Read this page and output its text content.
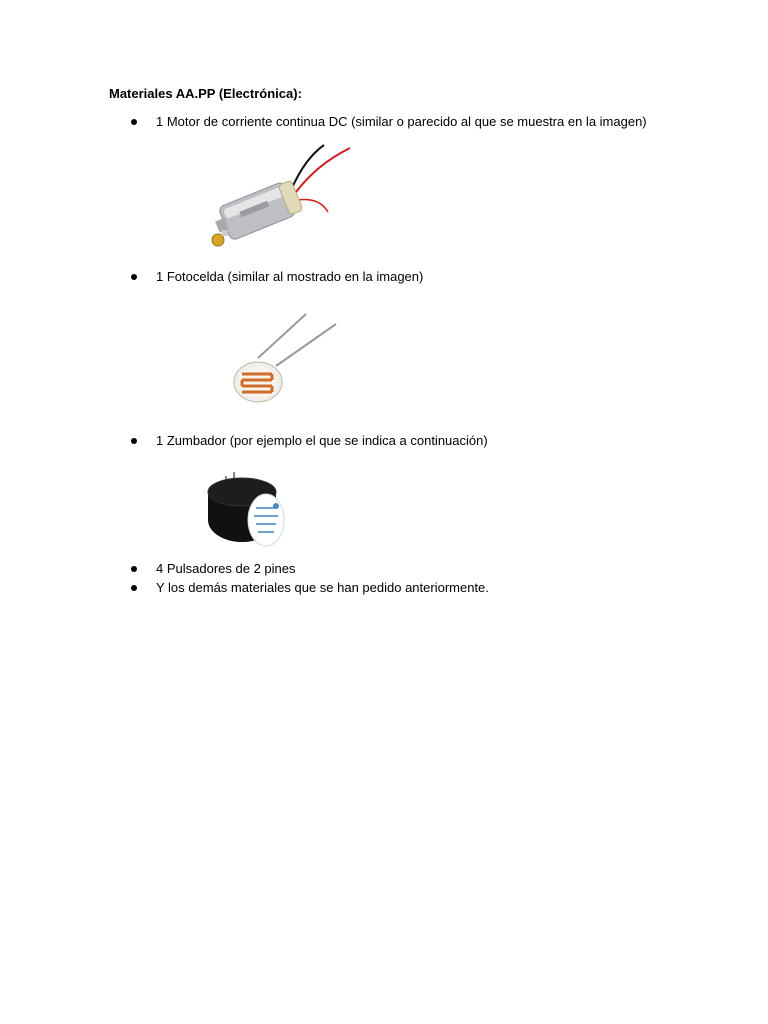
Materiales AA.PP (Electrónica):
1 Motor de corriente continua DC (similar o parecido al que se muestra en la imagen)
1 Fotocelda (similar al mostrado en la imagen)
1 Zumbador (por ejemplo el que se indica a continuación)
4 Pulsadores de 2 pines
Y los demás materiales que se han pedido anteriormente.
